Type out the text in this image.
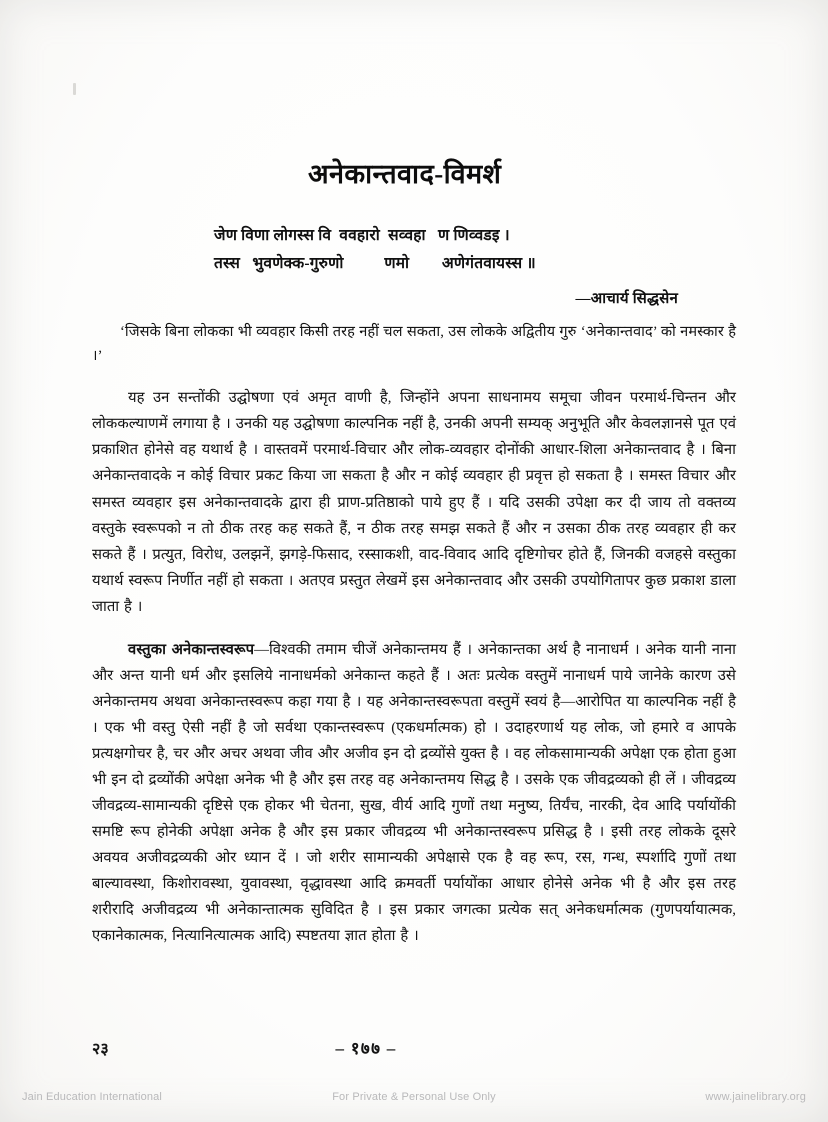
अनेकान्तवाद-विमर्श
जेण विणा लोगस्स वि  ववहारो  सव्वहा   ण णिव्वडइ ।
तस्स   भुवणेक्क-गुरुणो          णमो        अणेगंतवायस्स ॥
—आचार्य सिद्धसेन

‘जिसके बिना लोकका भी व्यवहार किसी तरह नहीं चल सकता, उस लोकके अद्वितीय गुरु ‘अनेकान्तवाद’ को नमस्कार है ।’

यह उन सन्तोंकी उद्घोषणा एवं अमृत वाणी है, जिन्होंने अपना साधनामय समूचा जीवन परमार्थ-चिन्तन और लोककल्याणमें लगाया है । उनकी यह उद्घोषणा काल्पनिक नहीं है, उनकी अपनी सम्यक् अनुभूति और केवलज्ञानसे पूत एवं प्रकाशित होनेसे वह यथार्थ है । वास्तवमें परमार्थ-विचार और लोक-व्यवहार दोनोंकी आधार-शिला अनेकान्तवाद है । बिना अनेकान्तवादके न कोई विचार प्रकट किया जा सकता है और न कोई व्यवहार ही प्रवृत्त हो सकता है । समस्त विचार और समस्त व्यवहार इस अनेकान्तवादके द्वारा ही प्राण-प्रतिष्ठाको पाये हुए हैं । यदि उसकी उपेक्षा कर दी जाय तो वक्तव्य वस्तुके स्वरूपको न तो ठीक तरह कह सकते हैं, न ठीक तरह समझ सकते हैं और न उसका ठीक तरह व्यवहार ही कर सकते हैं । प्रत्युत, विरोध, उलझनें, झगड़े-फिसाद, रस्साकशी, वाद-विवाद आदि दृष्टिगोचर होते हैं, जिनकी वजहसे वस्तुका यथार्थ स्वरूप निर्णीत नहीं हो सकता । अतएव प्रस्तुत लेखमें इस अनेकान्तवाद और उसकी उपयोगितापर कुछ प्रकाश डाला जाता है ।

वस्तुका अनेकान्तस्वरूप—विश्वकी तमाम चीजें अनेकान्तमय हैं । अनेकान्तका अर्थ है नानाधर्म । अनेक यानी नाना और अन्त यानी धर्म और इसलिये नानाधर्मको अनेकान्त कहते हैं । अतः प्रत्येक वस्तुमें नानाधर्म पाये जानेके कारण उसे अनेकान्तमय अथवा अनेकान्तस्वरूप कहा गया है । यह अनेकान्तस्वरूपता वस्तुमें स्वयं है—आरोपित या काल्पनिक नहीं है । एक भी वस्तु ऐसी नहीं है जो सर्वथा एकान्तस्वरूप (एकधर्मात्मक) हो । उदाहरणार्थ यह लोक, जो हमारे व आपके प्रत्यक्षगोचर है, चर और अचर अथवा जीव और अजीव इन दो द्रव्योंसे युक्त है । वह लोकसामान्यकी अपेक्षा एक होता हुआ भी इन दो द्रव्योंकी अपेक्षा अनेक भी है और इस तरह वह अनेकान्तमय सिद्ध है । उसके एक जीवद्रव्यको ही लें । जीवद्रव्य जीवद्रव्य-सामान्यकी दृष्टिसे एक होकर भी चेतना, सुख, वीर्य आदि गुणों तथा मनुष्य, तिर्यंच, नारकी, देव आदि पर्यायोंकी समष्टि रूप होनेकी अपेक्षा अनेक है और इस प्रकार जीवद्रव्य भी अनेकान्तस्वरूप प्रसिद्ध है । इसी तरह लोकके दूसरे अवयव अजीवद्रव्यकी ओर ध्यान दें । जो शरीर सामान्यकी अपेक्षासे एक है वह रूप, रस, गन्ध, स्पर्शादि गुणों तथा बाल्यावस्था, किशोरावस्था, युवावस्था, वृद्धावस्था आदि क्रमवर्ती पर्यायोंका आधार होनेसे अनेक भी है और इस तरह शरीरादि अजीवद्रव्य भी अनेकान्तात्मक सुविदित है । इस प्रकार जगत्का प्रत्येक सत् अनेकधर्मात्मक (गुणपर्यायात्मक, एकानेकात्मक, नित्यानित्यात्मक आदि) स्पष्टतया ज्ञात होता है ।

२३	– १७७ –
Jain Education International	For Private & Personal Use Only	www.jainelibrary.org
